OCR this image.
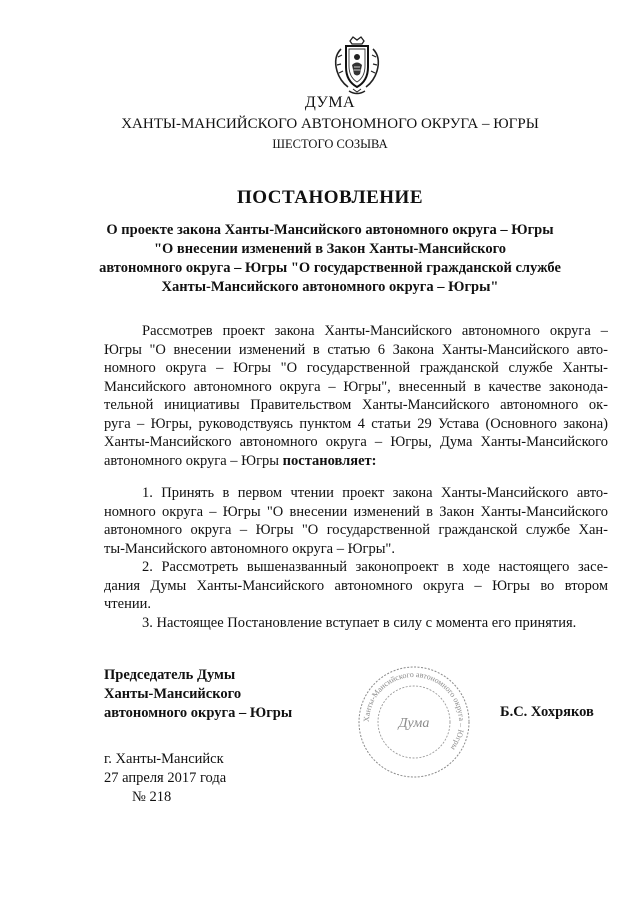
ДУМА
ХАНТЫ-МАНСИЙСКОГО АВТОНОМНОГО ОКРУГА – ЮГРЫ
ШЕСТОГО СОЗЫВА
ПОСТАНОВЛЕНИЕ
О проекте закона Ханты-Мансийского автономного округа – Югры
"О внесении изменений в Закон Ханты-Мансийского
автономного округа – Югры "О государственной гражданской службе
Ханты-Мансийского автономного округа – Югры"
Рассмотрев проект закона Ханты-Мансийского автономного округа –
Югры "О внесении изменений в статью 6 Закона Ханты-Мансийского авто-
номного округа – Югры "О государственной гражданской службе Ханты-
Мансийского автономного округа – Югры", внесенный в качестве законода-
тельной инициативы Правительством Ханты-Мансийского автономного ок-
руга – Югры, руководствуясь пунктом 4 статьи 29 Устава (Основного закона)
Ханты-Мансийского автономного округа – Югры, Дума Ханты-Мансийского
автономного округа – Югры постановляет:
1. Принять в первом чтении проект закона Ханты-Мансийского авто-
номного округа – Югры "О внесении изменений в Закон Ханты-Мансийского
автономного округа – Югры "О государственной гражданской службе Хан-
ты-Мансийского автономного округа – Югры".
2. Рассмотреть вышеназванный законопроект в ходе настоящего засе-
дания Думы Ханты-Мансийского автономного округа – Югры во втором
чтении.
3. Настоящее Постановление вступает в силу с момента его принятия.
Председатель Думы
Ханты-Мансийского
автономного округа – Югры	Ханты-Мансийского автономного округа – Югры
Дума
Б.С. Хохряков
г. Ханты-Мансийск
27 апреля 2017 года
№ 218
